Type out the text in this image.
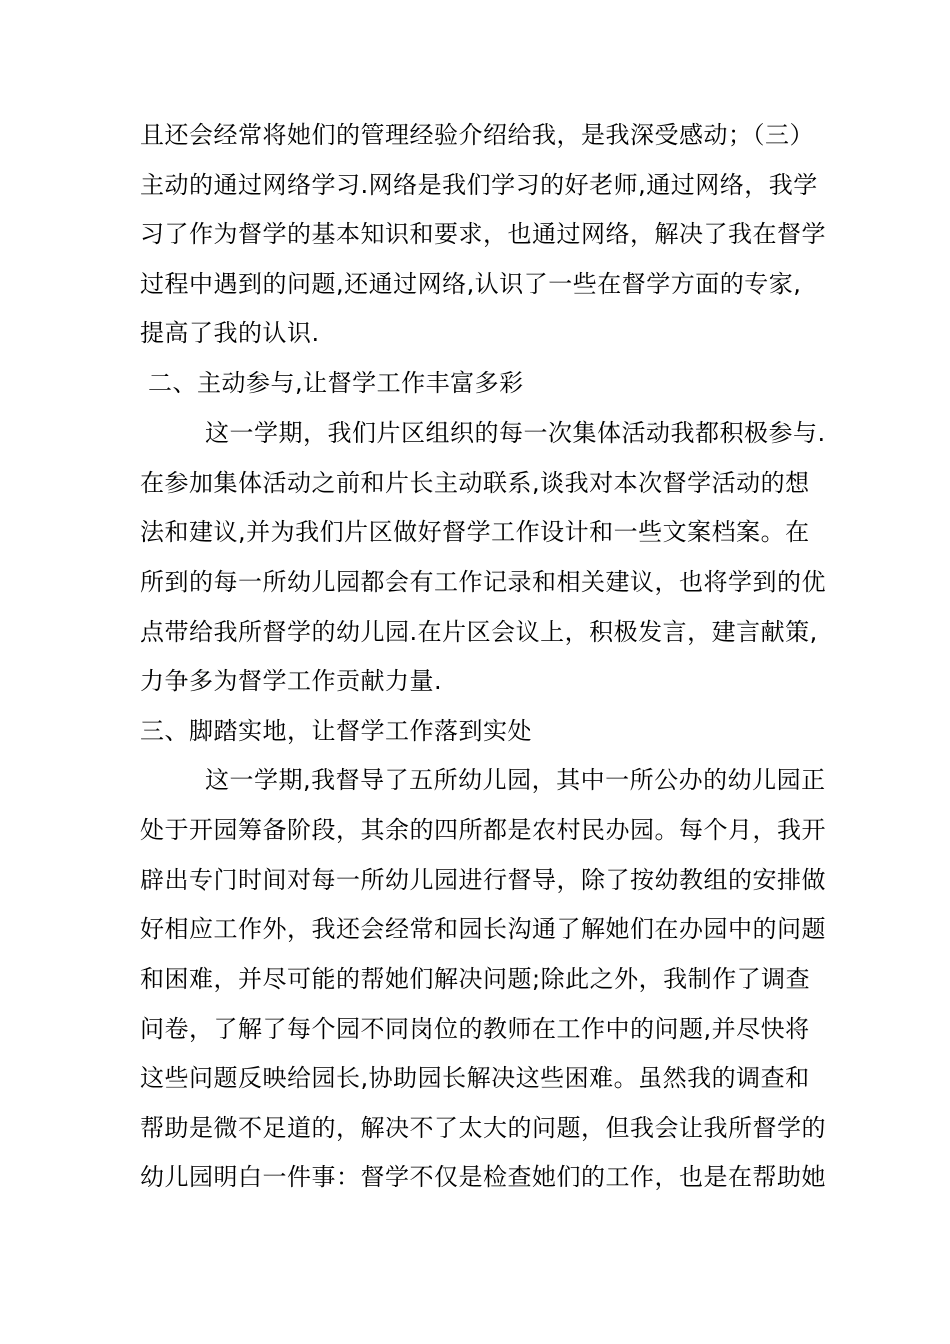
且还会经常将她们的管理经验介绍给我，是我深受感动；（三）
主动的通过网络学习.网络是我们学习的好老师,通过网络，我学
习了作为督学的基本知识和要求，也通过网络，解决了我在督学
过程中遇到的问题,还通过网络,认识了一些在督学方面的专家,
提高了我的认识.
二、主动参与,让督学工作丰富多彩
这一学期，我们片区组织的每一次集体活动我都积极参与.
在参加集体活动之前和片长主动联系,谈我对本次督学活动的想
法和建议,并为我们片区做好督学工作设计和一些文案档案。在
所到的每一所幼儿园都会有工作记录和相关建议，也将学到的优
点带给我所督学的幼儿园.在片区会议上，积极发言，建言献策,
力争多为督学工作贡献力量.
三、脚踏实地，让督学工作落到实处
这一学期,我督导了五所幼儿园，其中一所公办的幼儿园正
处于开园筹备阶段，其余的四所都是农村民办园。每个月，我开
辟出专门时间对每一所幼儿园进行督导，除了按幼教组的安排做
好相应工作外，我还会经常和园长沟通了解她们在办园中的问题
和困难，并尽可能的帮她们解决问题;除此之外，我制作了调查
问卷，了解了每个园不同岗位的教师在工作中的问题,并尽快将
这些问题反映给园长,协助园长解决这些困难。虽然我的调查和
帮助是微不足道的，解决不了太大的问题，但我会让我所督学的
幼儿园明白一件事：督学不仅是检查她们的工作，也是在帮助她
